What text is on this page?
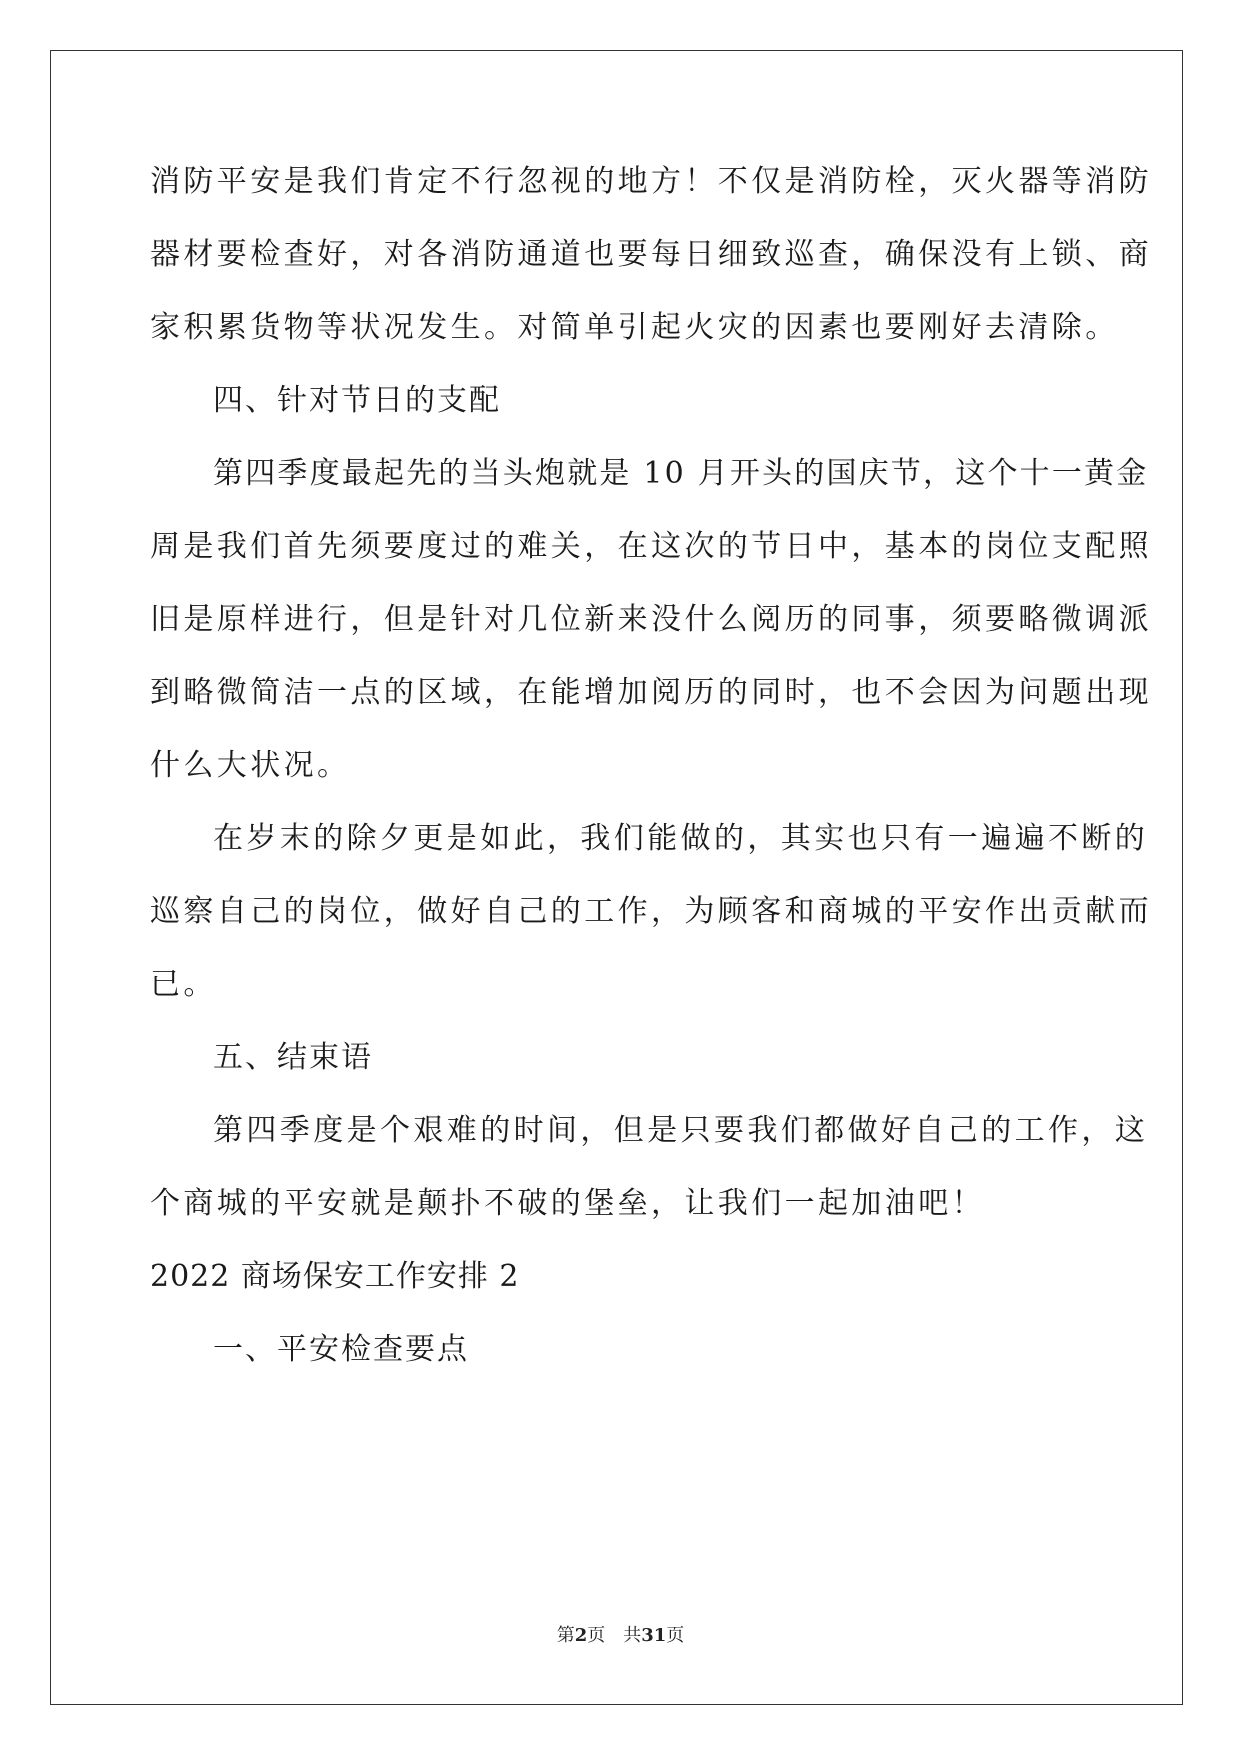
消防平安是我们肯定不行忽视的地方！不仅是消防栓，灭火器等消防
器材要检查好，对各消防通道也要每日细致巡查，确保没有上锁、商
家积累货物等状况发生。对简单引起火灾的因素也要刚好去清除。
四、针对节日的支配
第四季度最起先的当头炮就是 10 月开头的国庆节，这个十一黄金
周是我们首先须要度过的难关，在这次的节日中，基本的岗位支配照
旧是原样进行，但是针对几位新来没什么阅历的同事，须要略微调派
到略微简洁一点的区域，在能增加阅历的同时，也不会因为问题出现
什么大状况。
在岁末的除夕更是如此，我们能做的，其实也只有一遍遍不断的
巡察自己的岗位，做好自己的工作，为顾客和商城的平安作出贡献而
已。
五、结束语
第四季度是个艰难的时间，但是只要我们都做好自己的工作，这
个商城的平安就是颠扑不破的堡垒，让我们一起加油吧！
2022 商场保安工作安排 2
一、平安检查要点
第2页　共31页
